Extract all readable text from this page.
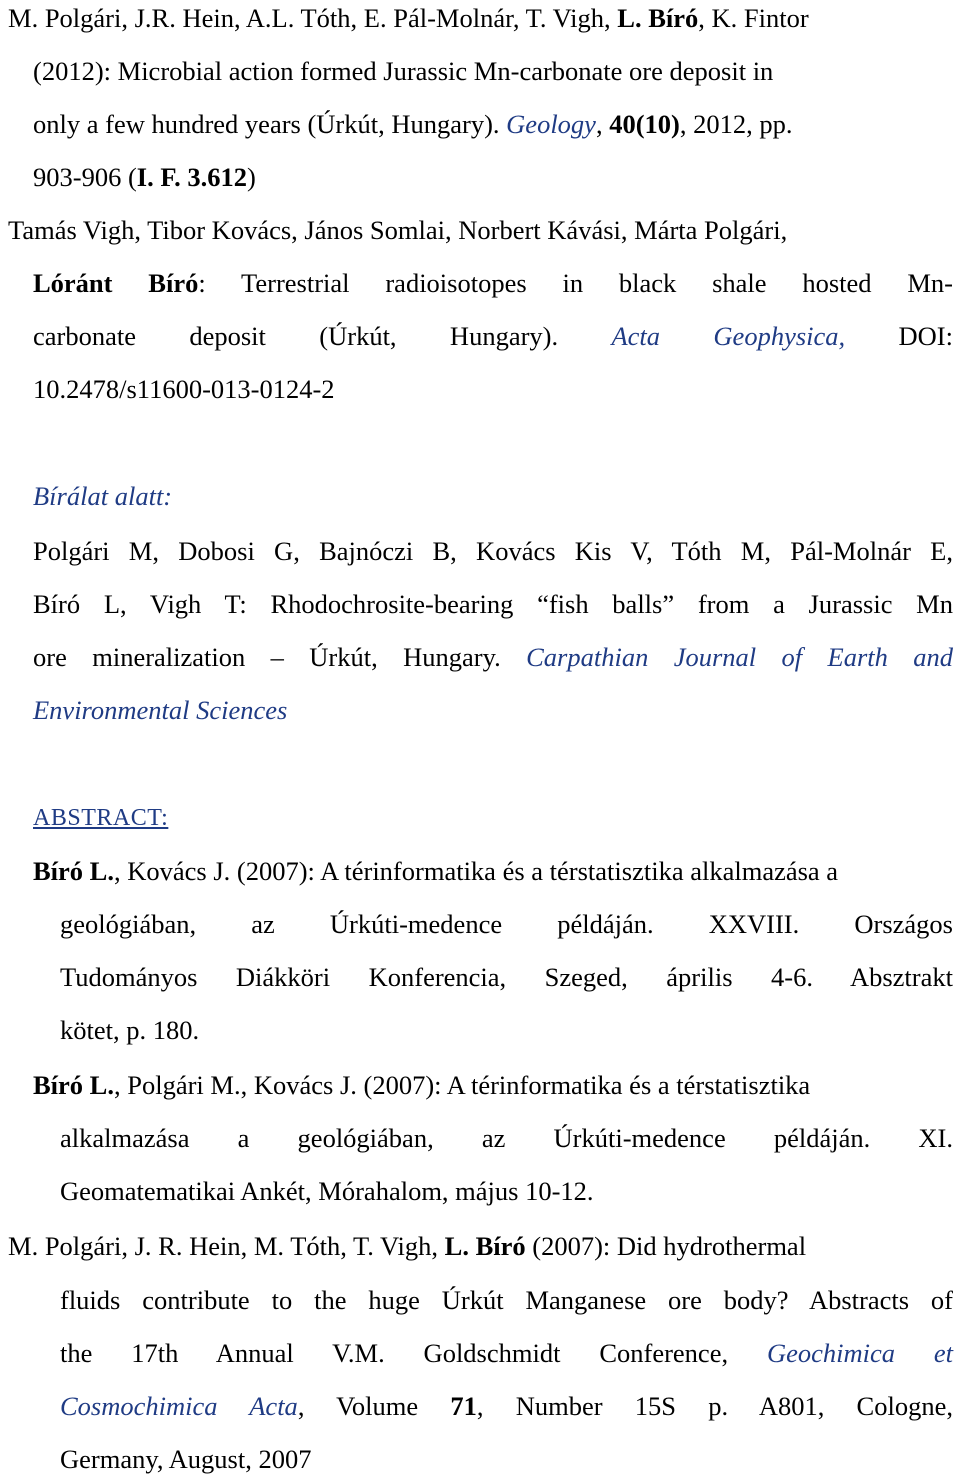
M. Polgári, J.R. Hein, A.L. Tóth, E. Pál-Molnár, T. Vigh, L. Bíró, K. Fintor
(2012): Microbial action formed Jurassic Mn-carbonate ore deposit in
only a few hundred years (Úrkút, Hungary). Geology, 40(10), 2012, pp.
903-906 (I. F. 3.612)
Tamás Vigh, Tibor Kovács, János Somlai, Norbert Kávási, Márta Polgári,
Lóránt Bíró: Terrestrial radioisotopes in black shale hosted Mn-
carbonate deposit (Úrkút, Hungary). Acta Geophysica, DOI:
10.2478/s11600-013-0124-2
Bírálat alatt:
Polgári M, Dobosi G, Bajnóczi B, Kovács Kis V, Tóth M, Pál-Molnár E,
Bíró L, Vigh T: Rhodochrosite-bearing “fish balls” from a Jurassic Mn
ore mineralization – Úrkút, Hungary. Carpathian Journal of Earth and
Environmental Sciences
ABSTRACT:
Bíró L., Kovács J. (2007): A térinformatika és a térstatisztika alkalmazása a
geológiában, az Úrkúti-medence példáján. XXVIII. Országos
Tudományos Diákköri Konferencia, Szeged, április 4-6. Absztrakt
kötet, p. 180.
Bíró L., Polgári M., Kovács J. (2007): A térinformatika és a térstatisztika
alkalmazása a geológiában, az Úrkúti-medence példáján. XI.
Geomatematikai Ankét, Mórahalom, május 10-12.
M. Polgári, J. R. Hein, M. Tóth, T. Vigh, L. Bíró (2007): Did hydrothermal
fluids contribute to the huge Úrkút Manganese ore body? Abstracts of
the 17th Annual V.M. Goldschmidt Conference, Geochimica et
Cosmochimica Acta, Volume 71, Number 15S p. A801, Cologne,
Germany, August, 2007
